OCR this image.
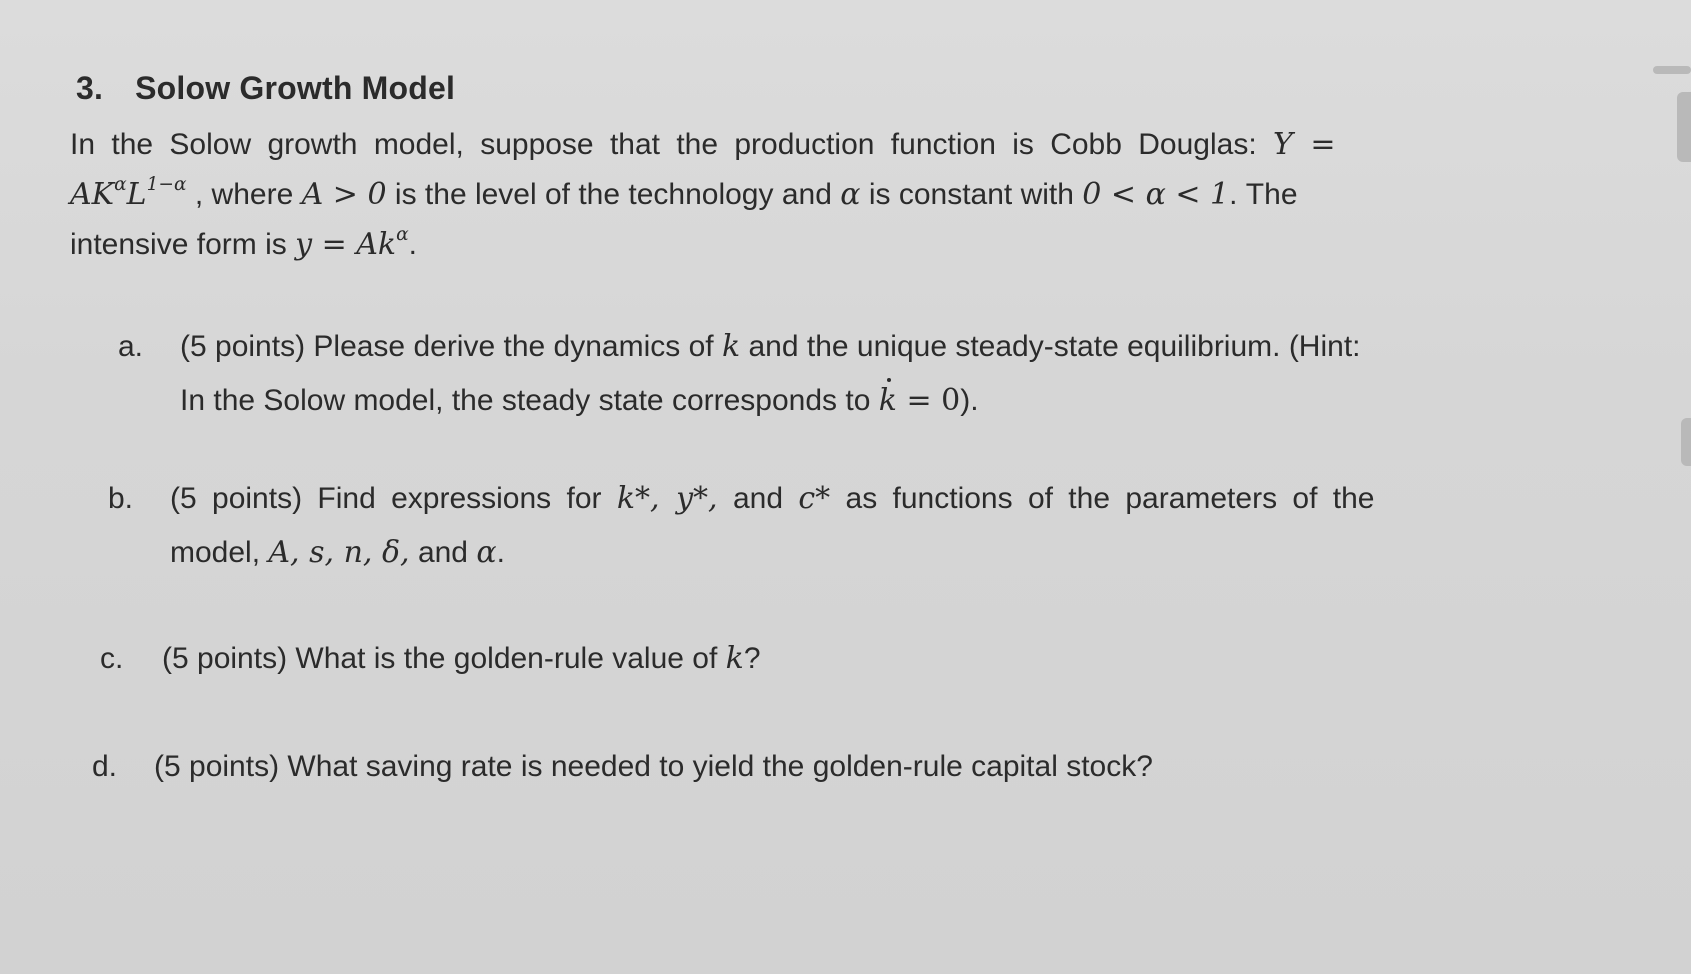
3. Solow Growth Model
In the Solow growth model, suppose that the production function is Cobb Douglas: Y =
$AK^\alpha L^{1-\alpha}$ , where A > 0 is the level of the technology and α is constant with 0 < α < 1. The
intensive form is $y = Ak^\alpha$.
a. (5 points) Please derive the dynamics of k and the unique steady-state equilibrium. (Hint:
In the Solow model, the steady state corresponds to k = 0).
b. (5 points) Find expressions for k*, y*, and c* as functions of the parameters of the
model, A, s, n, δ, and α.
c. (5 points) What is the golden-rule value of k?
d. (5 points) What saving rate is needed to yield the golden-rule capital stock?
